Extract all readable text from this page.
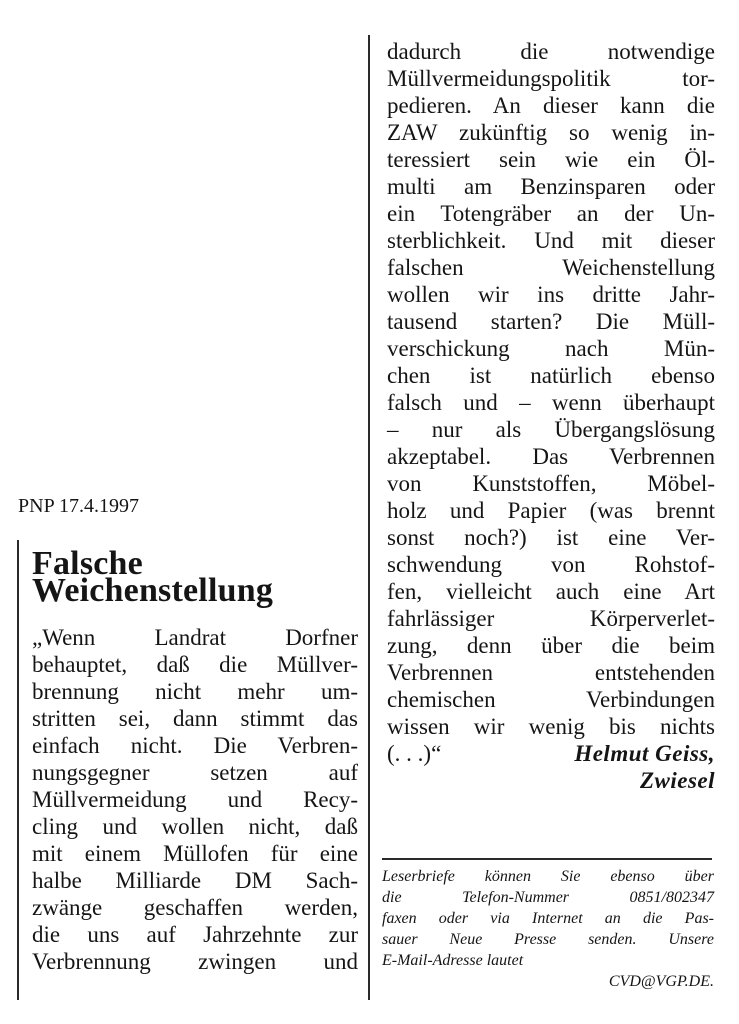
PNP 17.4.1997
Falsche
Weichenstellung
„Wenn Landrat Dorfner
behauptet, daß die Müllver-
brennung nicht mehr um-
stritten sei, dann stimmt das
einfach nicht. Die Verbren-
nungsgegner setzen auf
Müllvermeidung und Recy-
cling und wollen nicht, daß
mit einem Müllofen für eine
halbe Milliarde DM Sach-
zwänge geschaffen werden,
die uns auf Jahrzehnte zur
Verbrennung zwingen und
dadurch die notwendige
Müllvermeidungspolitik tor-
pedieren. An dieser kann die
ZAW zukünftig so wenig in-
teressiert sein wie ein Öl-
multi am Benzinsparen oder
ein Totengräber an der Un-
sterblichkeit. Und mit dieser
falschen Weichenstellung
wollen wir ins dritte Jahr-
tausend starten? Die Müll-
verschickung nach Mün-
chen ist natürlich ebenso
falsch und – wenn überhaupt
– nur als Übergangslösung
akzeptabel. Das Verbrennen
von Kunststoffen, Möbel-
holz und Papier (was brennt
sonst noch?) ist eine Ver-
schwendung von Rohstof-
fen, vielleicht auch eine Art
fahrlässiger Körperverlet-
zung, denn über die beim
Verbrennen entstehenden
chemischen Verbindungen
wissen wir wenig bis nichts
(. . .)“	Helmut Geiss,
Zwiesel
Leserbriefe können Sie ebenso über
die Telefon-Nummer 0851/802347
faxen oder via Internet an die Pas-
sauer Neue Presse senden. Unsere
E-Mail-Adresse lautet
CVD@VGP.DE.
